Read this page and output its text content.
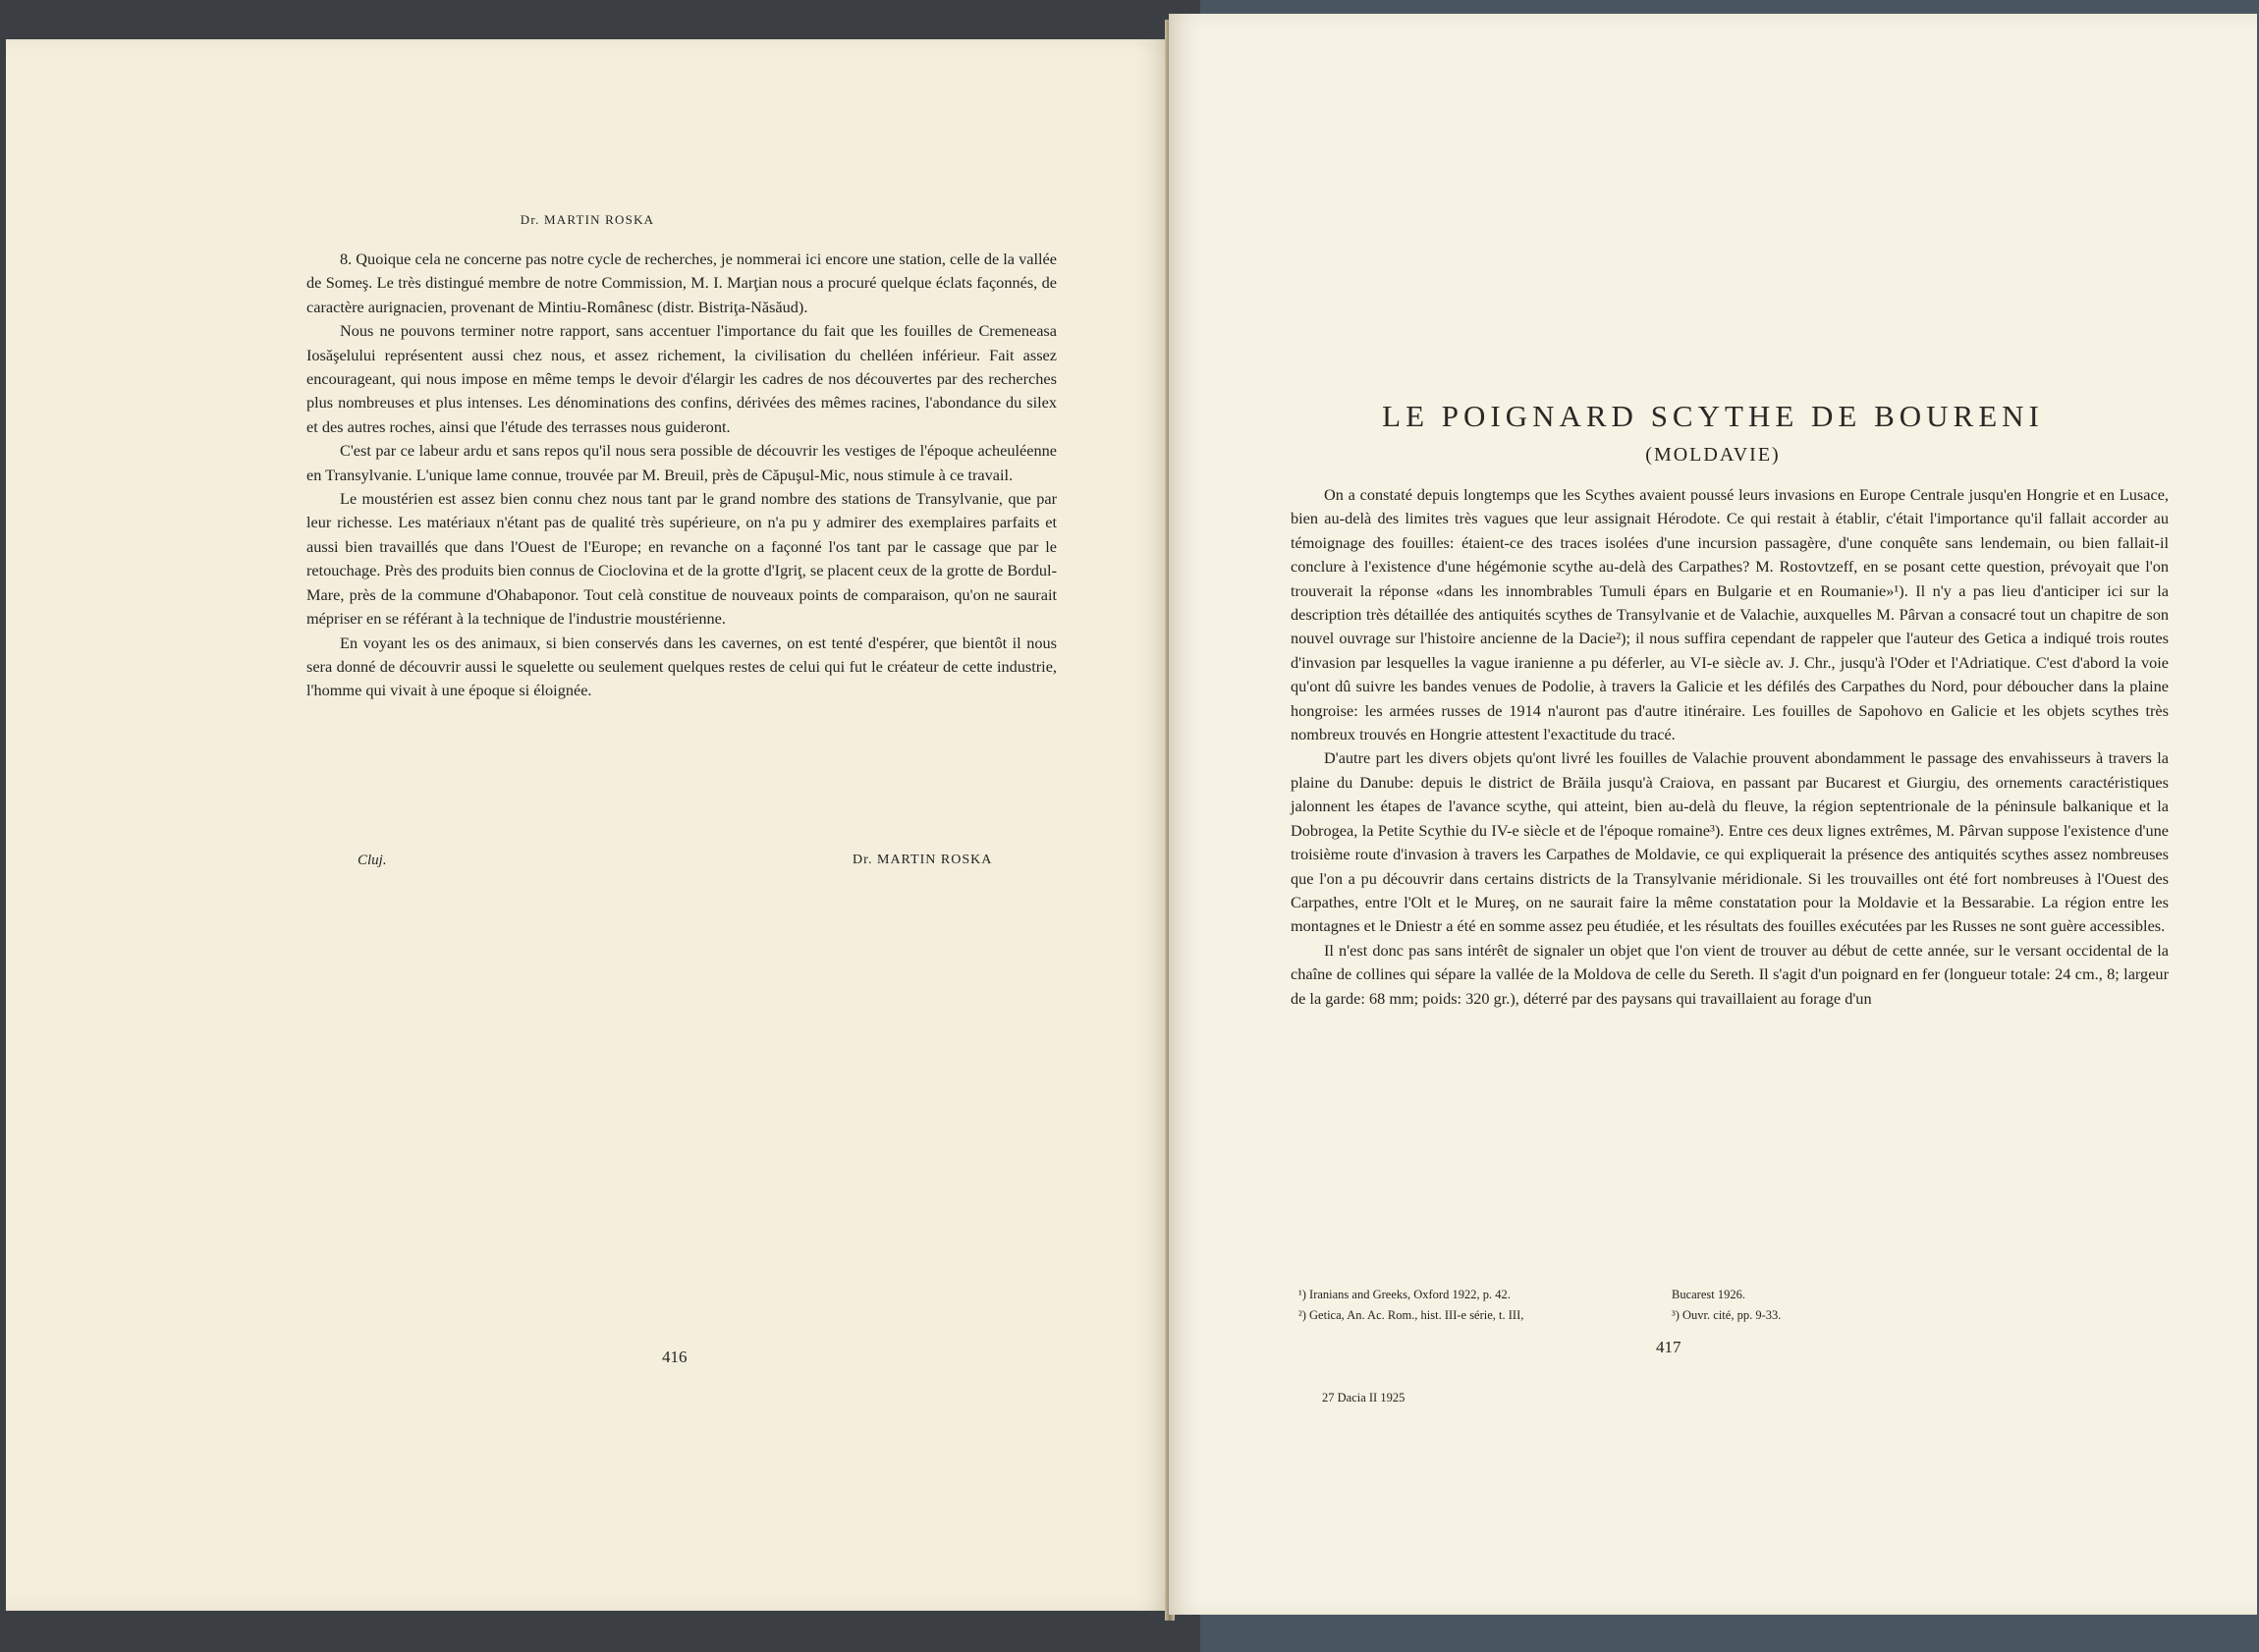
Dr. MARTIN ROSKA

8. Quoique cela ne concerne pas notre cycle de recherches, je nommerai ici encore une station, celle de la vallée de Someş. Le très distingué membre de notre Commission, M. I. Marţian nous a procuré quelque éclats façonnés, de caractère aurignacien, provenant de Mintiu-Românesc (distr. Bistriţa-Năsăud).

Nous ne pouvons terminer notre rapport, sans accentuer l'importance du fait que les fouilles de Cremeneasa Iosăşelului représentent aussi chez nous, et assez richement, la civilisation du chelléen inférieur. Fait assez encourageant, qui nous impose en même temps le devoir d'élargir les cadres de nos découvertes par des recherches plus nombreuses et plus intenses. Les dénominations des confins, dérivées des mêmes racines, l'abondance du silex et des autres roches, ainsi que l'étude des terrasses nous guideront.

C'est par ce labeur ardu et sans repos qu'il nous sera possible de découvrir les vestiges de l'époque acheuléenne en Transylvanie. L'unique lame connue, trouvée par M. Breuil, près de Căpuşul-Mic, nous stimule à ce travail.

Le moustérien est assez bien connu chez nous tant par le grand nombre des stations de Transylvanie, que par leur richesse. Les matériaux n'étant pas de qualité très supérieure, on n'a pu y admirer des exemplaires parfaits et aussi bien travaillés que dans l'Ouest de l'Europe; en revanche on a façonné l'os tant par le cassage que par le retouchage. Près des produits bien connus de Cioclovina et de la grotte d'Igriţ, se placent ceux de la grotte de Bordul-Mare, près de la commune d'Ohabaponor. Tout celà constitue de nouveaux points de comparaison, qu'on ne saurait mépriser en se référant à la technique de l'industrie moustérienne.

En voyant les os des animaux, si bien conservés dans les cavernes, on est tenté d'espérer, que bientôt il nous sera donné de découvrir aussi le squelette ou seulement quelques restes de celui qui fut le créateur de cette industrie, l'homme qui vivait à une époque si éloignée.

Cluj.	Dr. MARTIN ROSKA
416
LE POIGNARD SCYTHE DE BOURENI
(MOLDAVIE)

On a constaté depuis longtemps que les Scythes avaient poussé leurs invasions en Europe Centrale jusqu'en Hongrie et en Lusace, bien au-delà des limites très vagues que leur assignait Hérodote. Ce qui restait à établir, c'était l'importance qu'il fallait accorder au témoignage des fouilles: étaient-ce des traces isolées d'une incursion passagère, d'une conquête sans lendemain, ou bien fallait-il conclure à l'existence d'une hégémonie scythe au-delà des Carpathes? M. Rostovtzeff, en se posant cette question, prévoyait que l'on trouverait la réponse «dans les innombrables Tumuli épars en Bulgarie et en Roumanie»¹). Il n'y a pas lieu d'anticiper ici sur la description très détaillée des antiquités scythes de Transylvanie et de Valachie, auxquelles M. Pârvan a consacré tout un chapitre de son nouvel ouvrage sur l'histoire ancienne de la Dacie²); il nous suffira cependant de rappeler que l'auteur des Getica a indiqué trois routes d'invasion par lesquelles la vague iranienne a pu déferler, au VI-e siècle av. J. Chr., jusqu'à l'Oder et l'Adriatique. C'est d'abord la voie qu'ont dû suivre les bandes venues de Podolie, à travers la Galicie et les défilés des Carpathes du Nord, pour déboucher dans la plaine hongroise: les armées russes de 1914 n'auront pas d'autre itinéraire. Les fouilles de Sapohovo en Galicie et les objets scythes très nombreux trouvés en Hongrie attestent l'exactitude du tracé.

D'autre part les divers objets qu'ont livré les fouilles de Valachie prouvent abondamment le passage des envahisseurs à travers la plaine du Danube: depuis le district de Brăila jusqu'à Craiova, en passant par Bucarest et Giurgiu, des ornements caractéristiques jalonnent les étapes de l'avance scythe, qui atteint, bien au-delà du fleuve, la région septentrionale de la péninsule balkanique et la Dobrogea, la Petite Scythie du IV-e siècle et de l'époque romaine³). Entre ces deux lignes extrêmes, M. Pârvan suppose l'existence d'une troisième route d'invasion à travers les Carpathes de Moldavie, ce qui expliquerait la présence des antiquités scythes assez nombreuses que l'on a pu découvrir dans certains districts de la Transylvanie méridionale. Si les trouvailles ont été fort nombreuses à l'Ouest des Carpathes, entre l'Olt et le Mureş, on ne saurait faire la même constatation pour la Moldavie et la Bessarabie. La région entre les montagnes et le Dniestr a été en somme assez peu étudiée, et les résultats des fouilles exécutées par les Russes ne sont guère accessibles.

Il n'est donc pas sans intérêt de signaler un objet que l'on vient de trouver au début de cette année, sur le versant occidental de la chaîne de collines qui sépare la vallée de la Moldova de celle du Sereth. Il s'agit d'un poignard en fer (longueur totale: 24 cm., 8; largeur de la garde: 68 mm; poids: 320 gr.), déterré par des paysans qui travaillaient au forage d'un

¹) Iranians and Greeks, Oxford 1922, p. 42.	Bucarest 1926.
²) Getica, An. Ac. Rom., hist. III-e série, t. III,	³) Ouvr. cité, pp. 9-33.
417
27 Dacia II 1925
